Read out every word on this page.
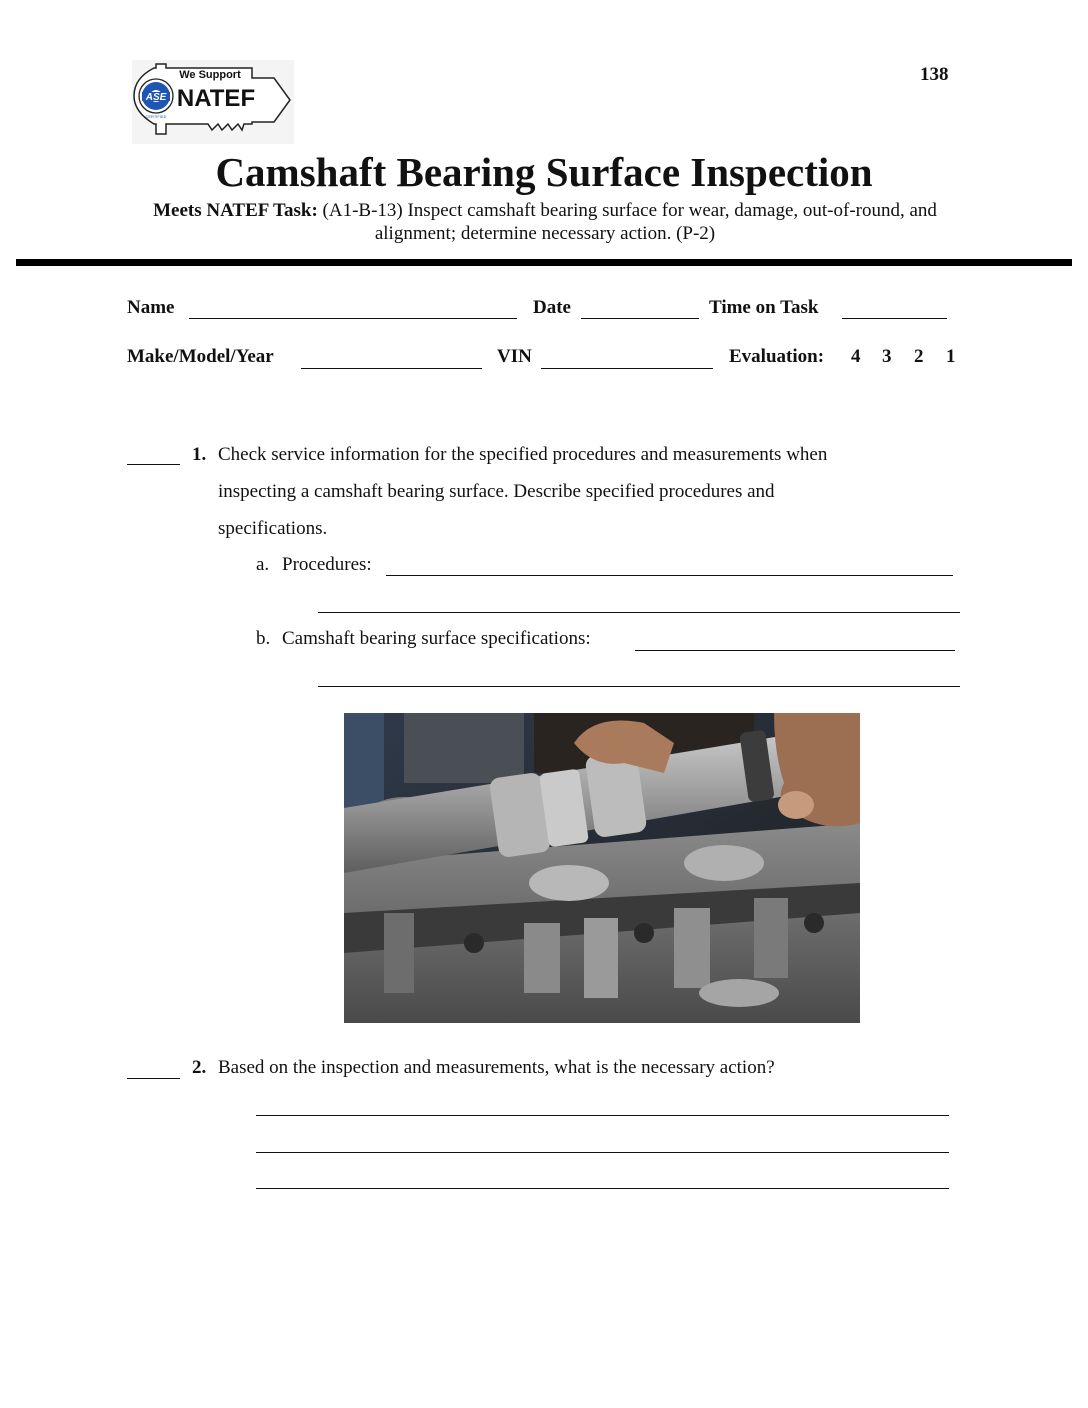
ASE
We Support
NATEF
CERTIFIED
138
Camshaft Bearing Surface Inspection
Meets NATEF Task: (A1-B-13) Inspect camshaft bearing surface for wear, damage, out-of-round, and alignment; determine necessary action. (P-2)
Name	Date	Time on Task
Make/Model/Year	VIN	Evaluation: 4 3 2 1
1. Check service information for the specified procedures and measurements when
inspecting a camshaft bearing surface. Describe specified procedures and
specifications.
a. Procedures:
b. Camshaft bearing surface specifications:
2. Based on the inspection and measurements, what is the necessary action?
